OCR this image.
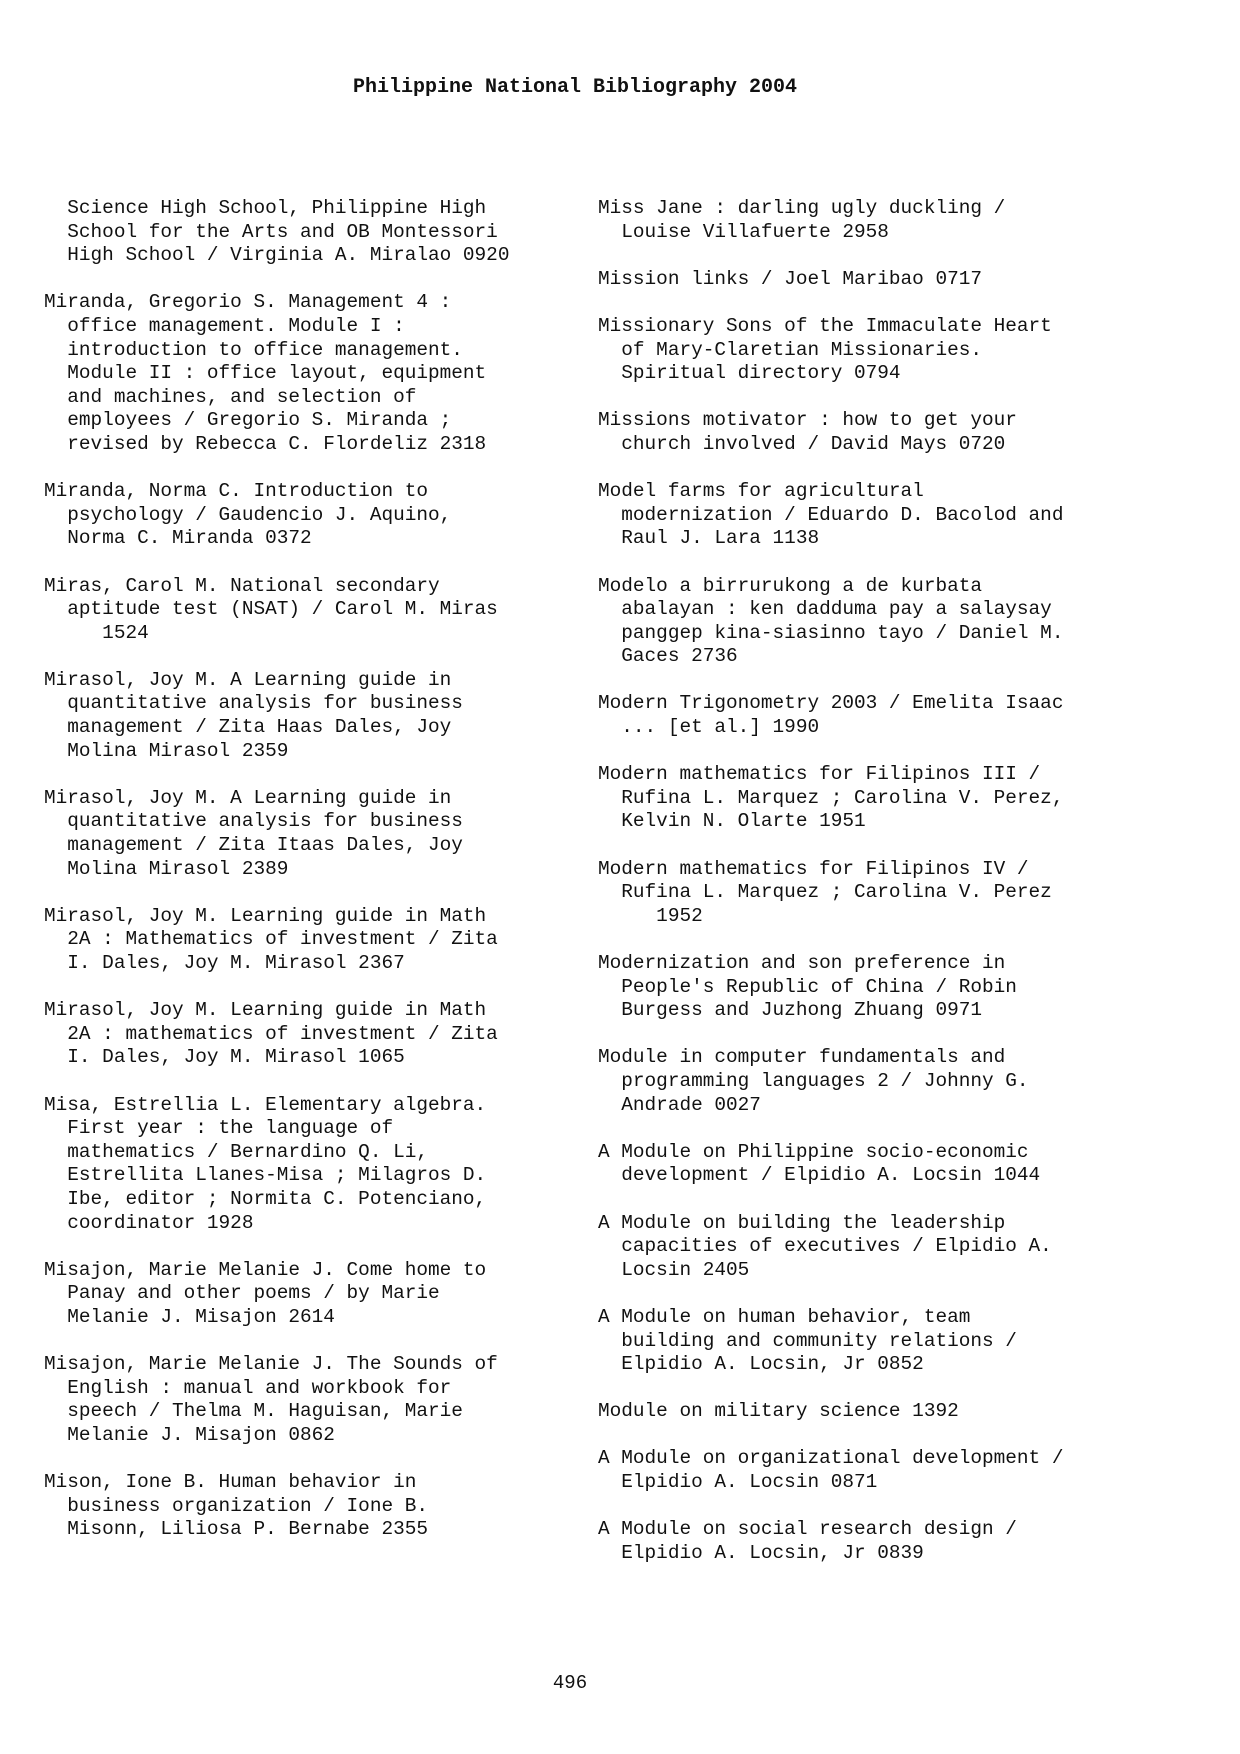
Philippine National Bibliography 2004
Science High School, Philippine High
School for the Arts and OB Montessori
High School / Virginia A. Miralao 0920
Miranda, Gregorio S. Management 4 :
office management. Module I :
introduction to office management.
Module II : office layout, equipment
and machines, and selection of
employees / Gregorio S. Miranda ;
revised by Rebecca C. Flordeliz 2318
Miranda, Norma C. Introduction to
psychology / Gaudencio J. Aquino,
Norma C. Miranda 0372
Miras, Carol M. National secondary
aptitude test (NSAT) / Carol M. Miras
1524
Mirasol, Joy M. A Learning guide in
quantitative analysis for business
management / Zita Haas Dales, Joy
Molina Mirasol 2359
Mirasol, Joy M. A Learning guide in
quantitative analysis for business
management / Zita Itaas Dales, Joy
Molina Mirasol 2389
Mirasol, Joy M. Learning guide in Math
2A : Mathematics of investment / Zita
I. Dales, Joy M. Mirasol 2367
Mirasol, Joy M. Learning guide in Math
2A : mathematics of investment / Zita
I. Dales, Joy M. Mirasol 1065
Misa, Estrellia L. Elementary algebra.
First year : the language of
mathematics / Bernardino Q. Li,
Estrellita Llanes-Misa ; Milagros D.
Ibe, editor ; Normita C. Potenciano,
coordinator 1928
Misajon, Marie Melanie J. Come home to
Panay and other poems / by Marie
Melanie J. Misajon 2614
Misajon, Marie Melanie J. The Sounds of
English : manual and workbook for
speech / Thelma M. Haguisan, Marie
Melanie J. Misajon 0862
Mison, Ione B. Human behavior in
business organization / Ione B.
Misonn, Liliosa P. Bernabe 2355
Miss Jane : darling ugly duckling /
Louise Villafuerte 2958
Mission links / Joel Maribao 0717
Missionary Sons of the Immaculate Heart
of Mary-Claretian Missionaries.
Spiritual directory 0794
Missions motivator : how to get your
church involved / David Mays 0720
Model farms for agricultural
modernization / Eduardo D. Bacolod and
Raul J. Lara 1138
Modelo a birrurukong a de kurbata
abalayan : ken dadduma pay a salaysay
panggep kina-siasinno tayo / Daniel M.
Gaces 2736
Modern Trigonometry 2003 / Emelita Isaac
... [et al.] 1990
Modern mathematics for Filipinos III /
Rufina L. Marquez ; Carolina V. Perez,
Kelvin N. Olarte 1951
Modern mathematics for Filipinos IV /
Rufina L. Marquez ; Carolina V. Perez
1952
Modernization and son preference in
People's Republic of China / Robin
Burgess and Juzhong Zhuang 0971
Module in computer fundamentals and
programming languages 2 / Johnny G.
Andrade 0027
A Module on Philippine socio-economic
development / Elpidio A. Locsin 1044
A Module on building the leadership
capacities of executives / Elpidio A.
Locsin 2405
A Module on human behavior, team
building and community relations /
Elpidio A. Locsin, Jr 0852
Module on military science 1392
A Module on organizational development /
Elpidio A. Locsin 0871
A Module on social research design /
Elpidio A. Locsin, Jr 0839
496
